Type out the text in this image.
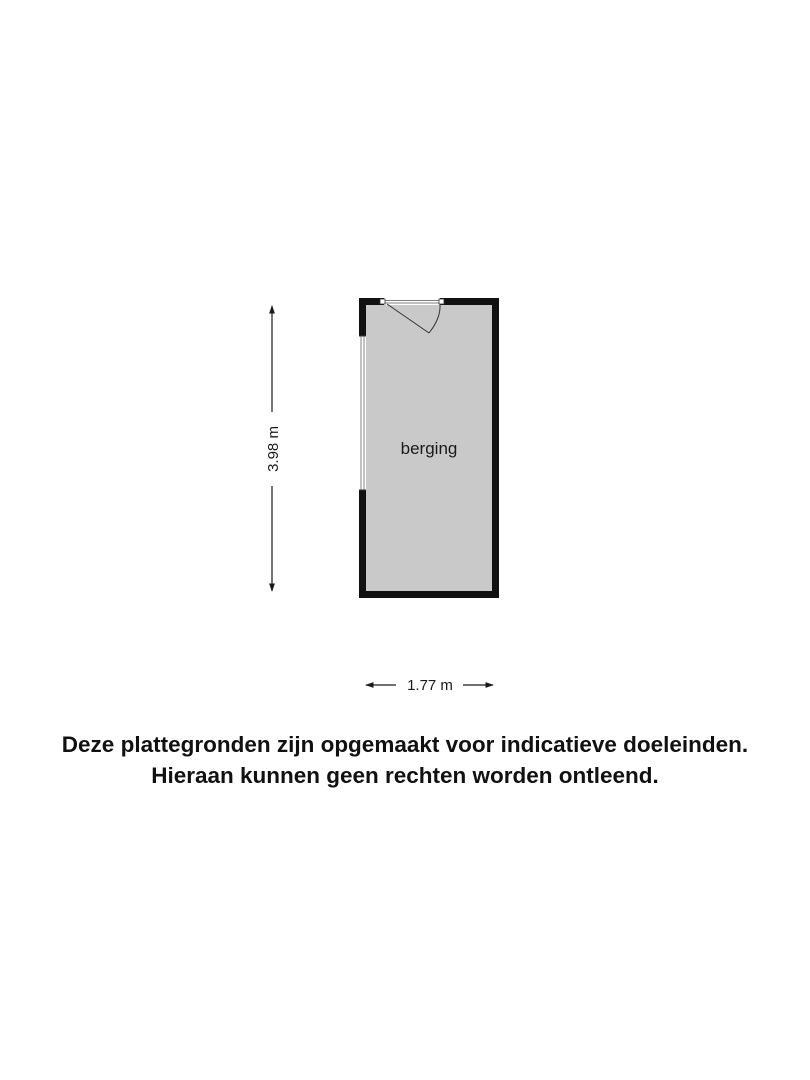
berging
3.98 m
1.77 m
Deze plattegronden zijn opgemaakt voor indicatieve doeleinden.
Hieraan kunnen geen rechten worden ontleend.
